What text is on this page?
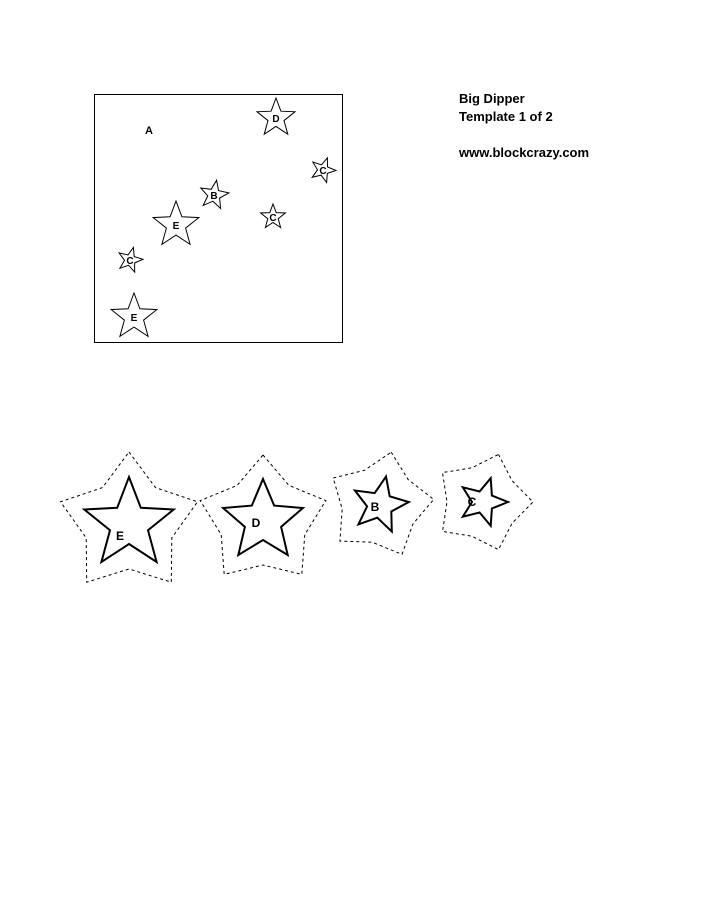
Big Dipper
Template 1 of 2
www.blockcrazy.com
A
D
C
B
C
E
C
E
E
D
B	C
